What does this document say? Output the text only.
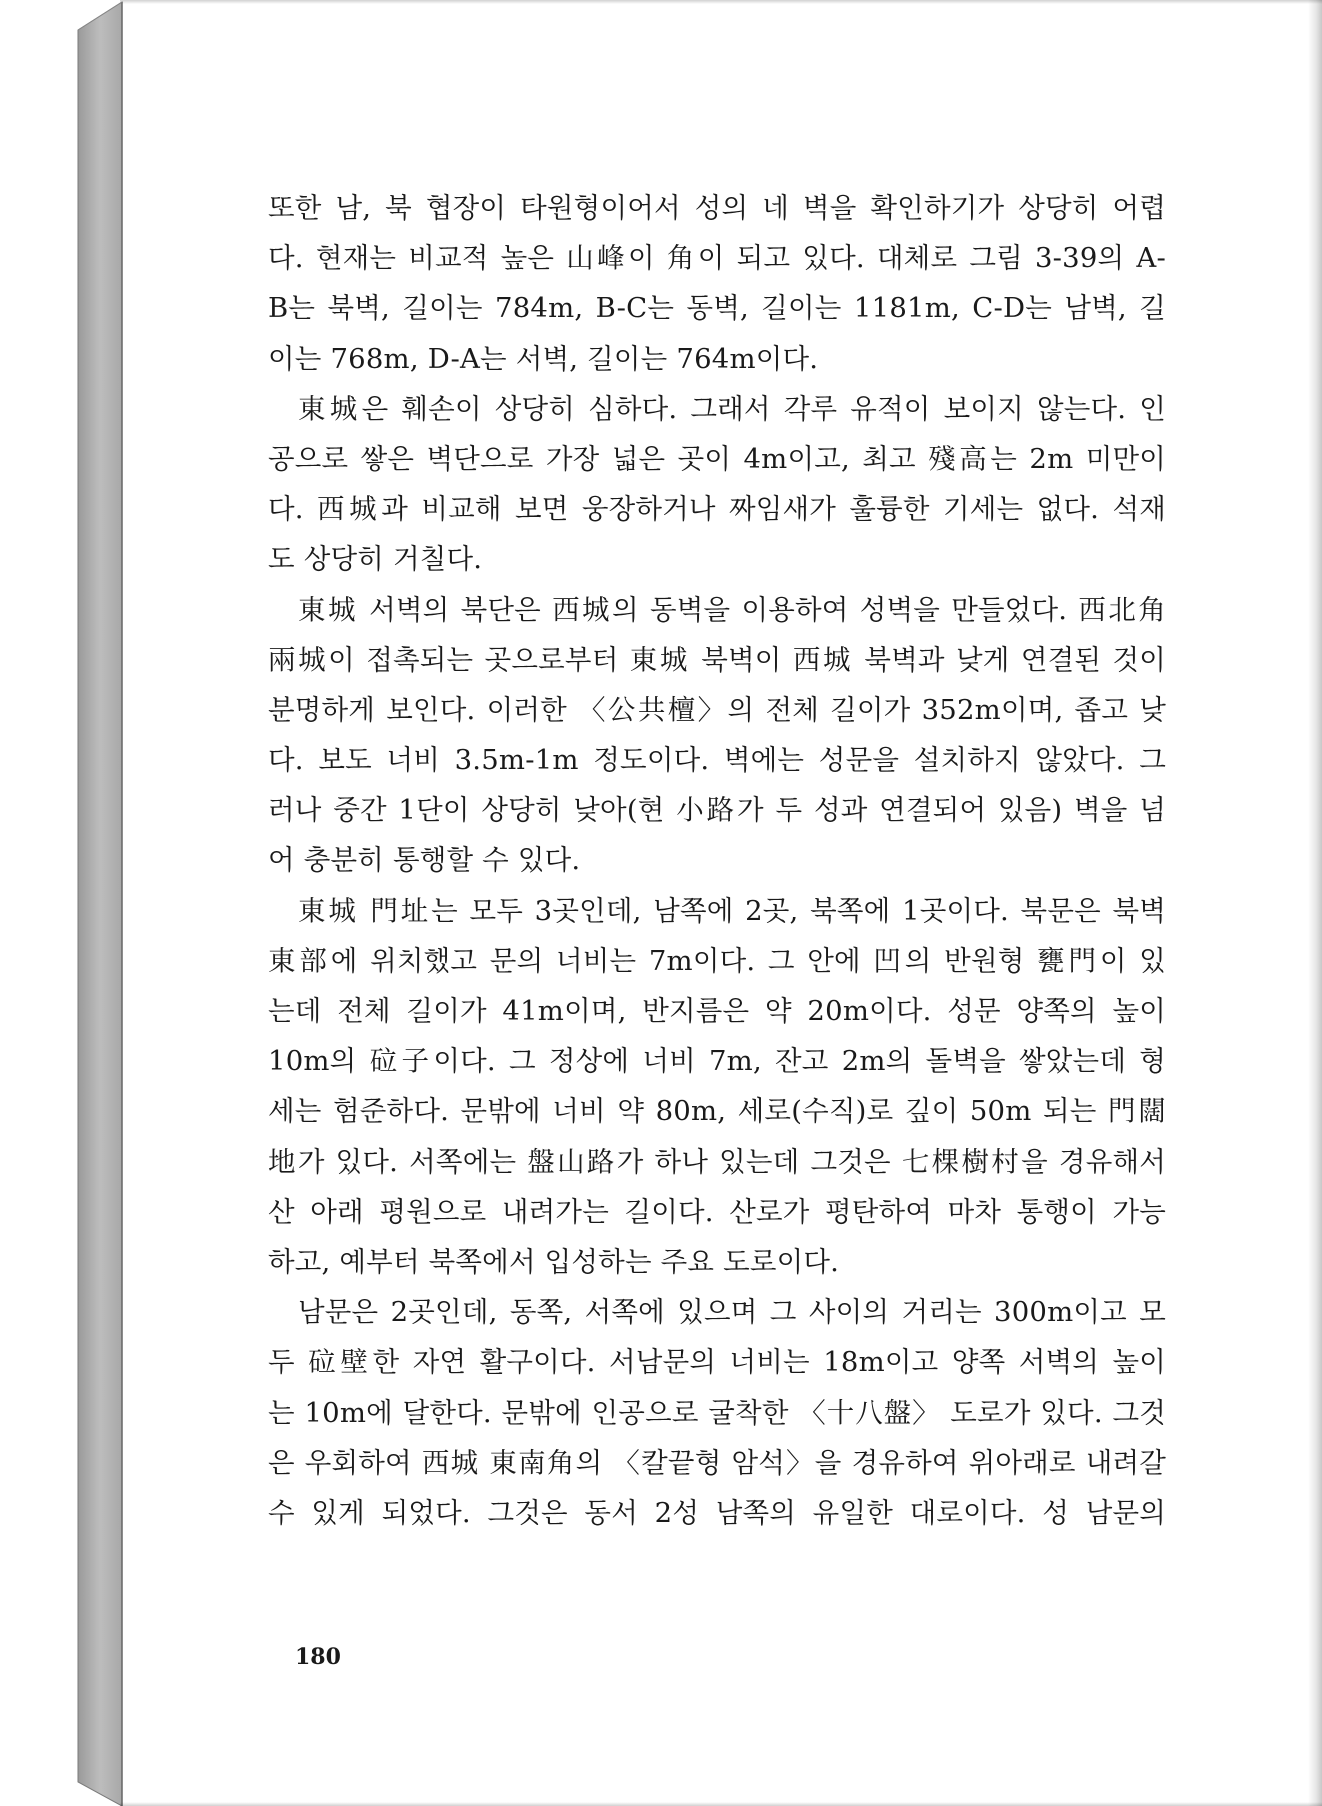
또한 남, 북 협장이 타원형이어서 성의 네 벽을 확인하기가 상당히 어렵
다. 현재는 비교적 높은 山峰이 角이 되고 있다. 대체로 그림 3-39의 A-
B는 북벽, 길이는 784m, B-C는 동벽, 길이는 1181m, C-D는 남벽, 길
이는 768m, D-A는 서벽, 길이는 764m이다.
東城은 훼손이 상당히 심하다. 그래서 각루 유적이 보이지 않는다. 인
공으로 쌓은 벽단으로 가장 넓은 곳이 4m이고, 최고 殘高는 2m 미만이
다. 西城과 비교해 보면 웅장하거나 짜임새가 훌륭한 기세는 없다. 석재
도 상당히 거칠다.
東城 서벽의 북단은 西城의 동벽을 이용하여 성벽을 만들었다. 西北角
兩城이 접촉되는 곳으로부터 東城 북벽이 西城 북벽과 낮게 연결된 것이
분명하게 보인다. 이러한 〈公共檀〉의 전체 길이가 352m이며, 좁고 낮
다. 보도 너비 3.5m-1m 정도이다. 벽에는 성문을 설치하지 않았다. 그
러나 중간 1단이 상당히 낮아(현 小路가 두 성과 연결되어 있음) 벽을 넘
어 충분히 통행할 수 있다.
東城 門址는 모두 3곳인데, 남쪽에 2곳, 북쪽에 1곳이다. 북문은 북벽
東部에 위치했고 문의 너비는 7m이다. 그 안에 凹의 반원형 甕門이 있
는데 전체 길이가 41m이며, 반지름은 약 20m이다. 성문 양쪽의 높이
10m의 砬子이다. 그 정상에 너비 7m, 잔고 2m의 돌벽을 쌓았는데 형
세는 험준하다. 문밖에 너비 약 80m, 세로(수직)로 깊이 50m 되는 門闊
地가 있다. 서쪽에는 盤山路가 하나 있는데 그것은 七棵樹村을 경유해서
산 아래 평원으로 내려가는 길이다. 산로가 평탄하여 마차 통행이 가능
하고, 예부터 북쪽에서 입성하는 주요 도로이다.
남문은 2곳인데, 동쪽, 서쪽에 있으며 그 사이의 거리는 300m이고 모
두 砬壁한 자연 활구이다. 서남문의 너비는 18m이고 양쪽 서벽의 높이
는 10m에 달한다. 문밖에 인공으로 굴착한 〈十八盤〉 도로가 있다. 그것
은 우회하여 西城 東南角의 〈칼끝형 암석〉을 경유하여 위아래로 내려갈
수 있게 되었다. 그것은 동서 2성 남쪽의 유일한 대로이다. 성 남문의
180
